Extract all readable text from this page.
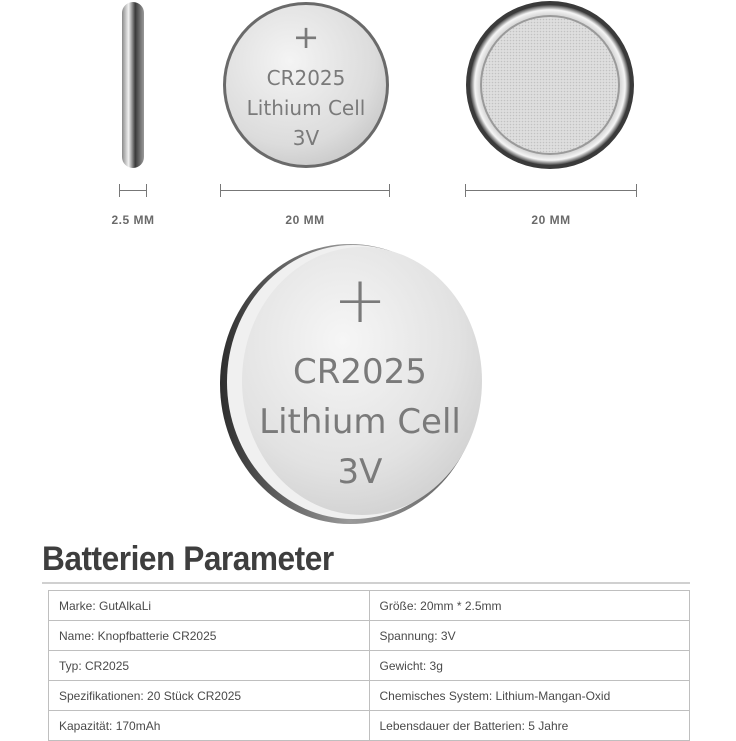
+
CR2025
Lithium Cell
3V
2.5 MM	20 MM	20 MM
+
CR2025
Lithium Cell
3V
Batterien Parameter
Marke: GutAlkaLi	Größe: 20mm * 2.5mm
Name: Knopfbatterie CR2025	Spannung: 3V
Typ: CR2025	Gewicht: 3g
Spezifikationen: 20 Stück CR2025	Chemisches System: Lithium-Mangan-Oxid
Kapazität: 170mAh	Lebensdauer der Batterien: 5 Jahre
